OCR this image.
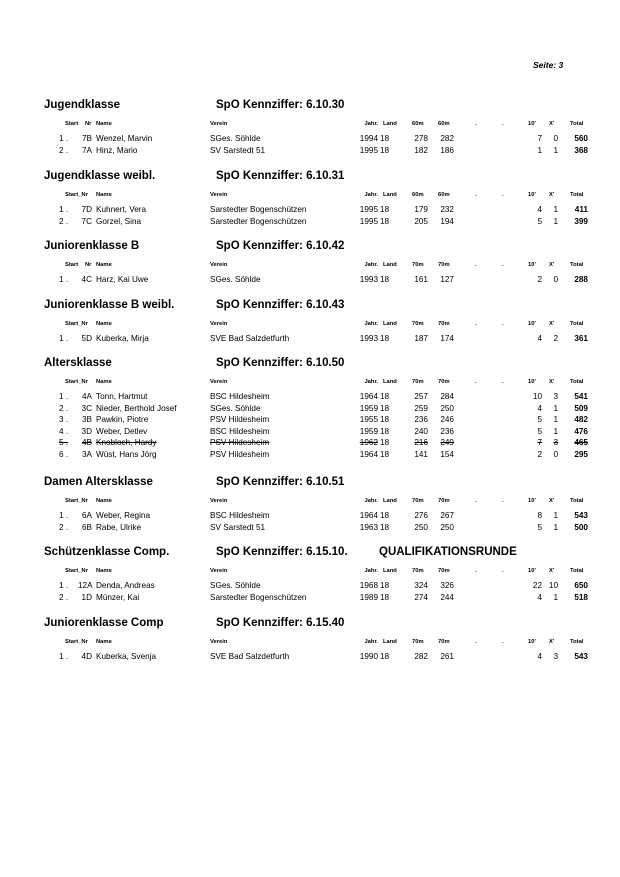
Seite: 3
Jugendklasse	SpO Kennziffer: 6.10.30
Start	Nr Name	Verein	Jahr. Land	60m	60m	.	.	10'	X'	Total
1 .	7B Wenzel, Marvin	SGes. Söhlde	1994 18	278	282	7	0	560
2 .	7A Hinz, Mario	SV Sarstedt 51	1995 18	182	186	1	1	368
Jugendklasse weibl.	SpO Kennziffer: 6.10.31
Start_Nr	Name	Verein	Jahr. Land	60m	60m	.	.	10'	X'	Total
1 .	7D Kuhnert, Vera	Sarstedter Bogenschützen	1995 18	179	232	4	1	411
2 .	7C Gorzel, Sina	Sarstedter Bogenschützen	1995 18	205	194	5	1	399
Juniorenklasse B	SpO Kennziffer: 6.10.42
Start	Nr Name	Verein	Jahr. Land	70m	70m	.	.	10'	X'	Total
1 .	4C Harz, Kai Uwe	SGes. Söhlde	1993 18	161	127	2	0	288
Juniorenklasse B weibl.	SpO Kennziffer: 6.10.43
Start_Nr	Name	Verein	Jahr. Land	70m	70m	.	.	10'	X'	Total
1 .	5D Kuberka, Mirja	SVE Bad Salzdetfurth	1993 18	187	174	4	2	361
Altersklasse	SpO Kennziffer: 6.10.50
Start_Nr	Name	Verein	Jahr. Land	70m	70m	.	.	10'	X'	Total
1 .	4A Tonn, Hartmut	BSC Hildesheim	1964 18	257	284	10	3	541
2 .	3C Nieder, Berthold Josef	SGes. Söhlde	1959 18	259	250	4	1	509
3 .	3B Pawkin, Piotre	PSV Hildesheim	1955 18	236	246	5	1	482
4 .	3D Weber, Detlev	BSC Hildesheim	1959 18	240	236	5	1	476
5 .	4B Knobloch, Hardy	PSV Hildesheim	1962 18	216	249	7	3	465
6 .	3A Wüst, Hans Jörg	PSV Hildesheim	1964 18	141	154	2	0	295
Damen Altersklasse	SpO Kennziffer: 6.10.51
Start_Nr	Name	Verein	Jahr. Land	70m	70m	.	.	10'	X'	Total
1 .	6A Weber, Regina	BSC Hildesheim	1964 18	276	267	8	1	543
2 .	6B Rabe, Ulrike	SV Sarstedt 51	1963 18	250	250	5	1	500
Schützenklasse Comp.	SpO Kennziffer: 6.15.10.	QUALIFIKATIONSRUNDE
Start_Nr	Name	Verein	Jahr. Land	70m	70m	.	.	10'	X'	Total
1 .	12A Denda, Andreas	SGes. Söhlde	1968 18	324	326	22 10	650
2 .	1D Münzer, Kai	Sarstedter Bogenschützen	1989 18	274	244	4	1	518
Juniorenklasse Comp	SpO Kennziffer: 6.15.40
Start_Nr	Name	Verein	Jahr. Land	70m	70m	.	.	10'	X'	Total
1 .	4D Kuberka, Svenja	SVE Bad Salzdetfurth	1990 18	282	261	4	3	543
